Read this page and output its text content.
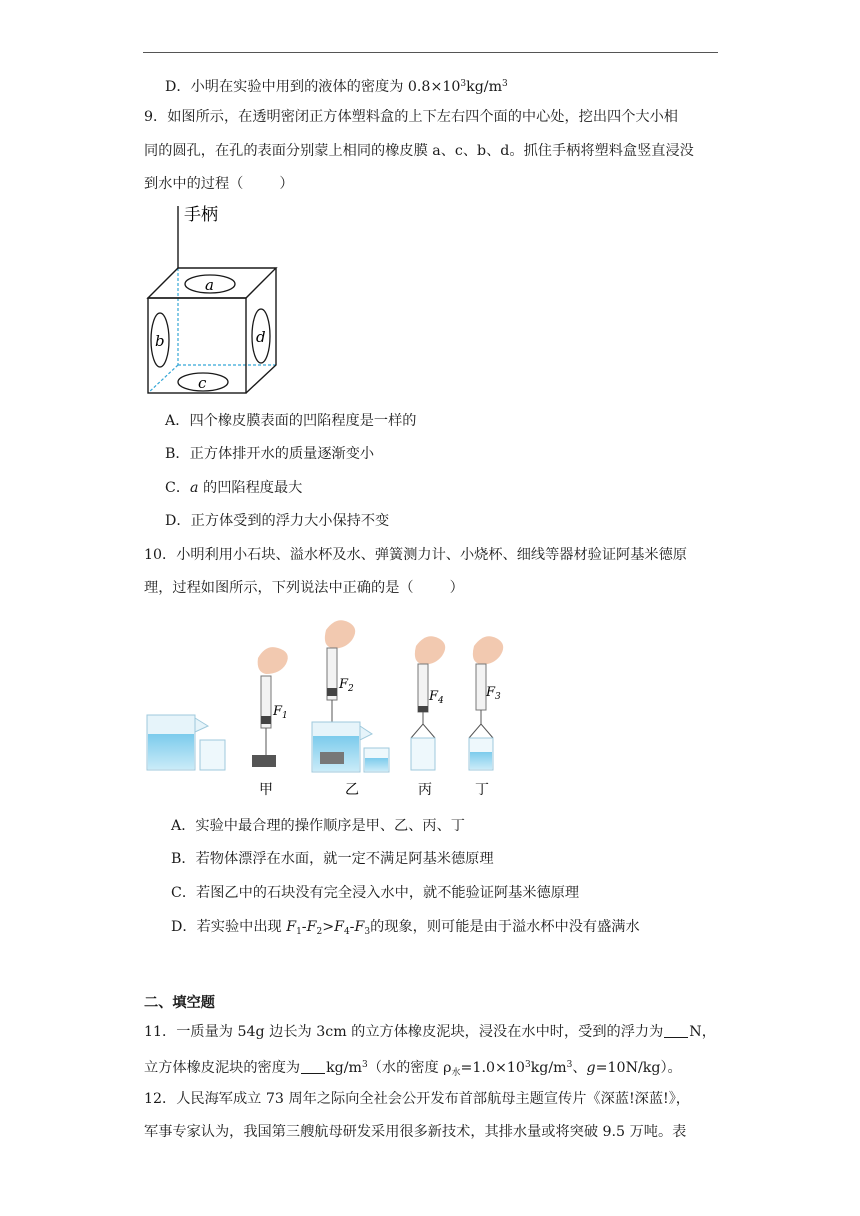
D．小明在实验中用到的液体的密度为 $0.8\times 10^3kg/m^3$
9．如图所示，在透明密闭正方体塑料盒的上下左右四个面的中心处，挖出四个大小相
同的圆孔，在孔的表面分别蒙上相同的橡皮膜 a、c、b、d。抓住手柄将塑料盒竖直浸没
到水中的过程（	）
手柄
a
b
c
d
A．四个橡皮膜表面的凹陷程度是一样的
B．正方体排开水的质量逐渐变小
C．a 的凹陷程度最大
D．正方体受到的浮力大小保持不变
10．小明利用小石块、溢水杯及水、弹簧测力计、小烧杯、细线等器材验证阿基米德原
理，过程如图所示，下列说法中正确的是（	）
$F_1$
$F_2$	$F_4$
$F_3$
甲	乙	丙	丁
A．实验中最合理的操作顺序是甲、乙、丙、丁
B．若物体漂浮在水面，就一定不满足阿基米德原理
C．若图乙中的石块没有完全浸入水中，就不能验证阿基米德原理
D．若实验中出现 $F_1-F_2>F_4-F_3$的现象，则可能是由于溢水杯中没有盛满水
二、填空题
11．一质量为 54g 边长为 3cm 的立方体橡皮泥块，浸没在水中时，受到的浮力为 N，
立方体橡皮泥块的密度为 $kg/m^3$（水的密度 $\rho_水=1.0\times 10^3kg/m^3$、g=10N/kg）。
12．人民海军成立 73 周年之际向全社会公开发布首部航母主题宣传片《深蓝!深蓝!》，
军事专家认为，我国第三艘航母研发采用很多新技术，其排水量或将突破 9.5 万吨。表
